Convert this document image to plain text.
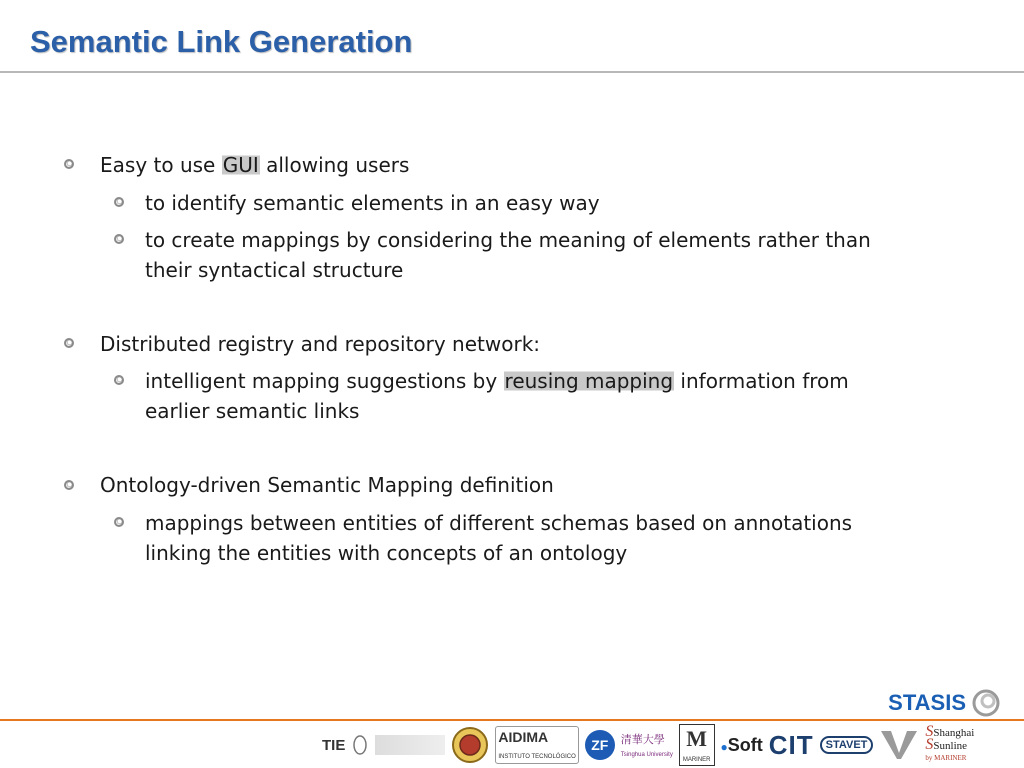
Semantic Link Generation
Easy to use GUI allowing users
to identify semantic elements in an easy way
to create mappings by considering the meaning of elements rather than
their syntactical structure
Distributed registry and repository network:
intelligent mapping suggestions by reusing mapping information from
earlier semantic links
Ontology-driven Semantic Mapping definition
mappings between entities of different schemas based on annotations
linking the entities with concepts of an ontology
STASIS
TIE	AIDIMA
INSTITUTO TECNOLÓGICO
ZF	清華大學
Tsinghua University
M
MARINER
●Soft CIT	STAVET
SShanghai
SSunline
by MARINER
